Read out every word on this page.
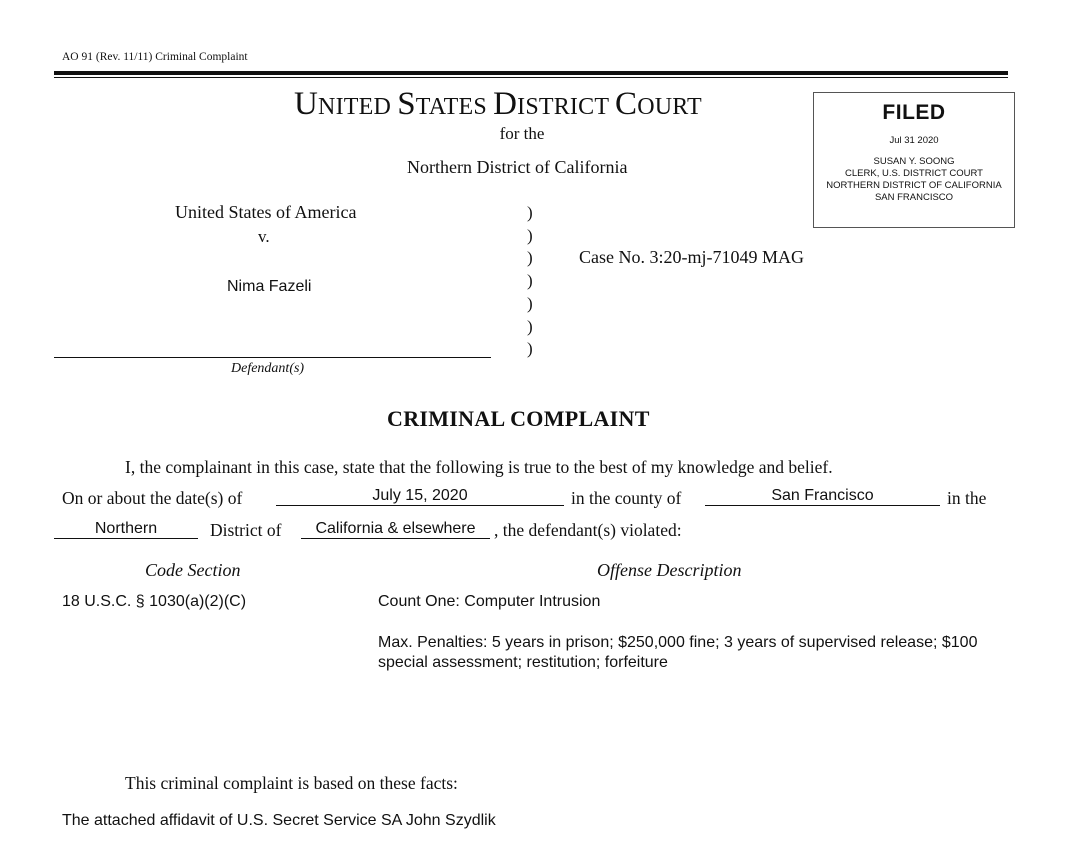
AO 91 (Rev. 11/11) Criminal Complaint
UNITED STATES DISTRICT COURT
for the
Northern District of California
FILED
Jul 31 2020
SUSAN Y. SOONG
CLERK, U.S. DISTRICT COURT
NORTHERN DISTRICT OF CALIFORNIA
SAN FRANCISCO
United States of America
v.
Nima Fazeli
Defendant(s)
)
)
)
)
)
)
)
Case No. 3:20-mj-71049 MAG
CRIMINAL COMPLAINT
I, the complainant in this case, state that the following is true to the best of my knowledge and belief.
On or about the date(s) of	July 15, 2020	in the county of	San Francisco	in the
Northern	District of	California & elsewhere	, the defendant(s) violated:
Code Section	Offense Description
18 U.S.C. § 1030(a)(2)(C)	Count One: Computer Intrusion
Max. Penalties: 5 years in prison; $250,000 fine; 3 years of supervised release; $100 special assessment; restitution; forfeiture
This criminal complaint is based on these facts:
The attached affidavit of U.S. Secret Service SA John Szydlik
